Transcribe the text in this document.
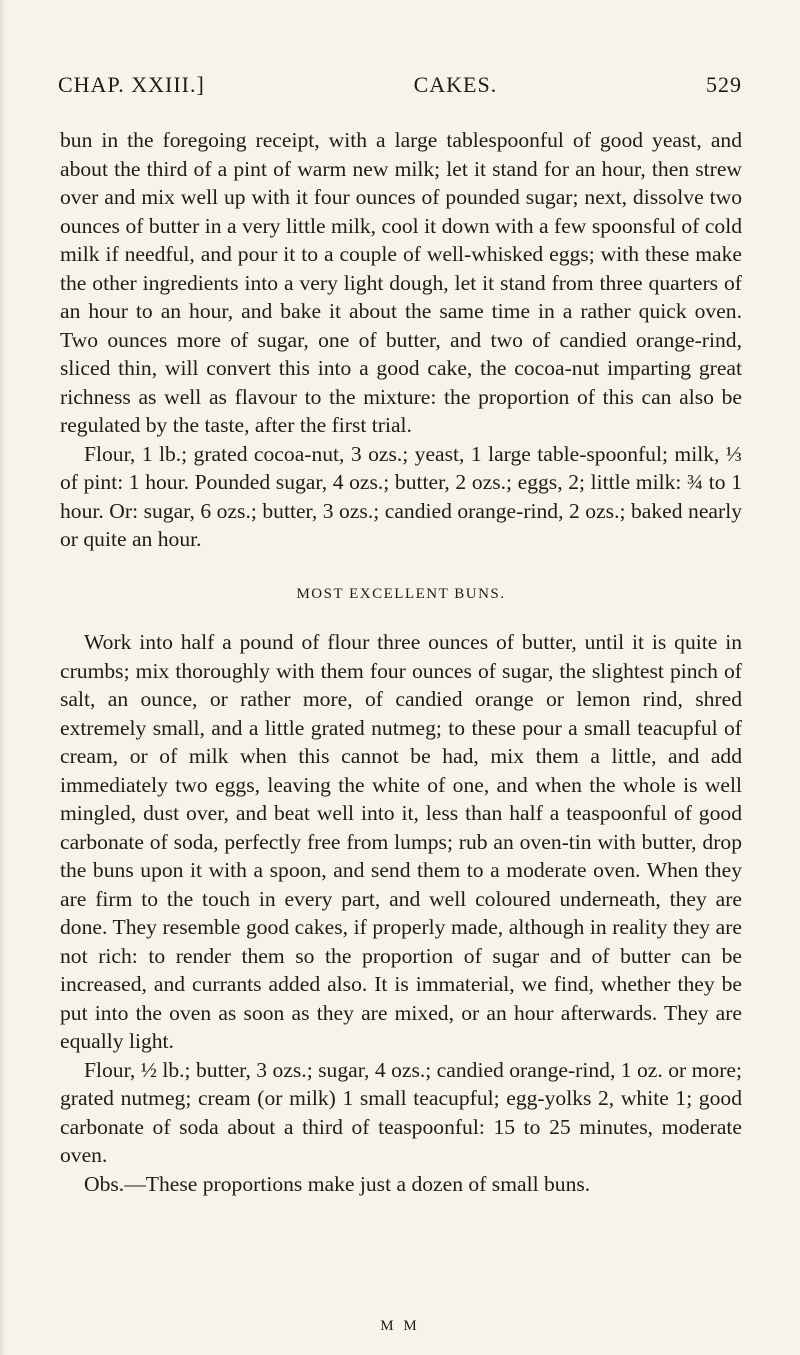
CHAP. XXIII.]	CAKES.	529

bun in the foregoing receipt, with a large tablespoonful of good yeast, and about the third of a pint of warm new milk; let it stand for an hour, then strew over and mix well up with it four ounces of pounded sugar; next, dissolve two ounces of butter in a very little milk, cool it down with a few spoonsful of cold milk if needful, and pour it to a couple of well-whisked eggs; with these make the other ingredients into a very light dough, let it stand from three quarters of an hour to an hour, and bake it about the same time in a rather quick oven. Two ounces more of sugar, one of butter, and two of candied orange-rind, sliced thin, will convert this into a good cake, the cocoa-nut imparting great richness as well as flavour to the mixture: the proportion of this can also be regulated by the taste, after the first trial.

Flour, 1 lb.; grated cocoa-nut, 3 ozs.; yeast, 1 large table-spoonful; milk, ⅓ of pint: 1 hour. Pounded sugar, 4 ozs.; butter, 2 ozs.; eggs, 2; little milk: ¾ to 1 hour. Or: sugar, 6 ozs.; butter, 3 ozs.; candied orange-rind, 2 ozs.; baked nearly or quite an hour.

MOST EXCELLENT BUNS.

Work into half a pound of flour three ounces of butter, until it is quite in crumbs; mix thoroughly with them four ounces of sugar, the slightest pinch of salt, an ounce, or rather more, of candied orange or lemon rind, shred extremely small, and a little grated nutmeg; to these pour a small teacupful of cream, or of milk when this cannot be had, mix them a little, and add immediately two eggs, leaving the white of one, and when the whole is well mingled, dust over, and beat well into it, less than half a teaspoonful of good carbonate of soda, perfectly free from lumps; rub an oven-tin with butter, drop the buns upon it with a spoon, and send them to a moderate oven. When they are firm to the touch in every part, and well coloured underneath, they are done. They resemble good cakes, if properly made, although in reality they are not rich: to render them so the proportion of sugar and of butter can be increased, and currants added also. It is immaterial, we find, whether they be put into the oven as soon as they are mixed, or an hour afterwards. They are equally light.

Flour, ½ lb.; butter, 3 ozs.; sugar, 4 ozs.; candied orange-rind, 1 oz. or more; grated nutmeg; cream (or milk) 1 small teacupful; egg-yolks 2, white 1; good carbonate of soda about a third of teaspoonful: 15 to 25 minutes, moderate oven.

Obs.—These proportions make just a dozen of small buns.

M M
